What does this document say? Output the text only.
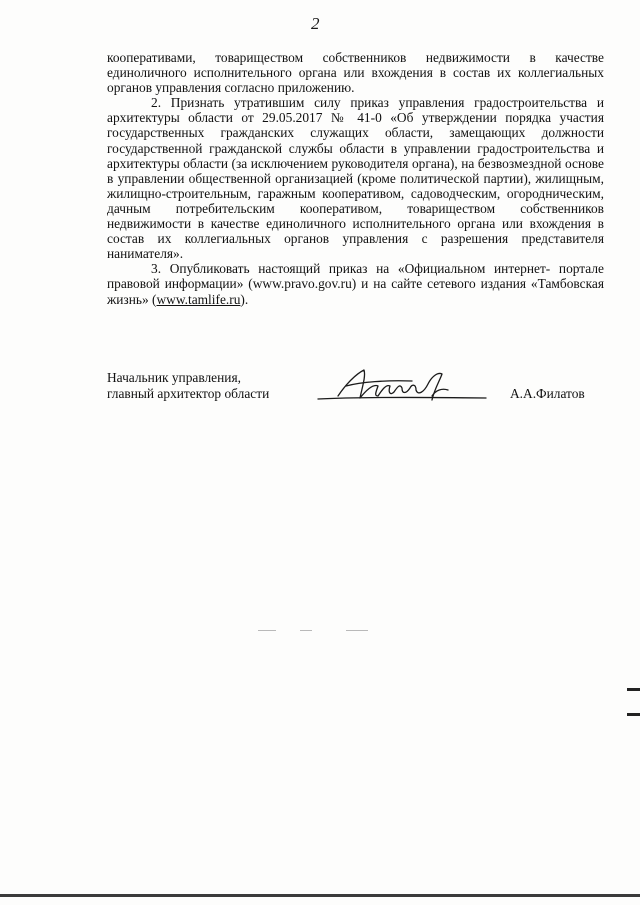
2

кооперативами, товариществом собственников недвижимости в качестве единоличного исполнительного органа или вхождения в состав их коллегиальных органов управления согласно приложению.

2. Признать утратившим силу приказ управления градостроительства и архитектуры области от 29.05.2017 № 41-0 «Об утверждении порядка участия государственных гражданских служащих области, замещающих должности государственной гражданской службы области в управлении градостроительства и архитектуры области (за исключением руководителя органа), на безвозмездной основе в управлении общественной организацией (кроме политической партии), жилищным, жилищно-строительным, гаражным кооперативом, садоводческим, огородническим, дачным потребительским кооперативом, товариществом собственников недвижимости в качестве единоличного исполнительного органа или вхождения в состав их коллегиальных органов управления с разрешения представителя нанимателя».

3. Опубликовать настоящий приказ на «Официальном интернет- портале правовой информации» (www.pravo.gov.ru) и на сайте сетевого издания «Тамбовская жизнь» (www.tamlife.ru).

Начальник управления,
главный архитектор области	А.А.Филатов
